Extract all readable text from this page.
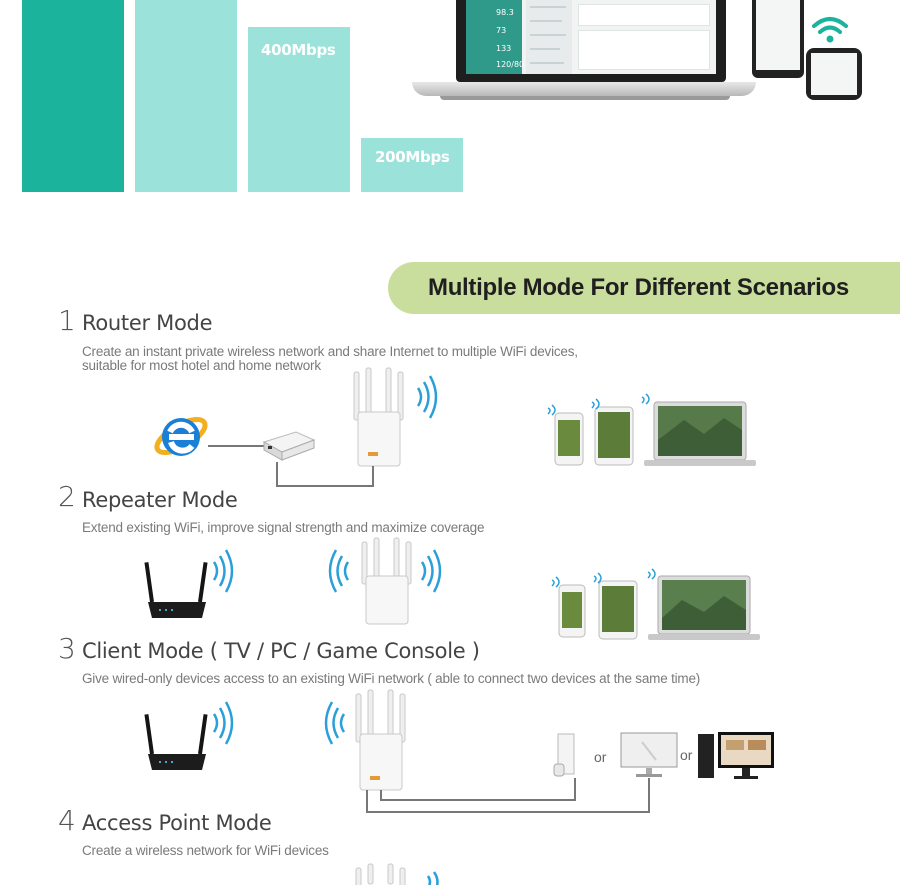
400Mbps
200Mbps
98.3
73
133
120/80
Multiple Mode For Different Scenarios
1 Router Mode
Create an instant private wireless network and share Internet to multiple WiFi devices,
suitable for most hotel and home network
2 Repeater Mode
Extend existing WiFi, improve signal strength and maximize coverage
3 Client Mode ( TV / PC / Game Console )
Give wired-only devices access to an existing WiFi network ( able to connect two devices at the same time)
or	or
4 Access Point Mode
Create a wireless network for WiFi devices
